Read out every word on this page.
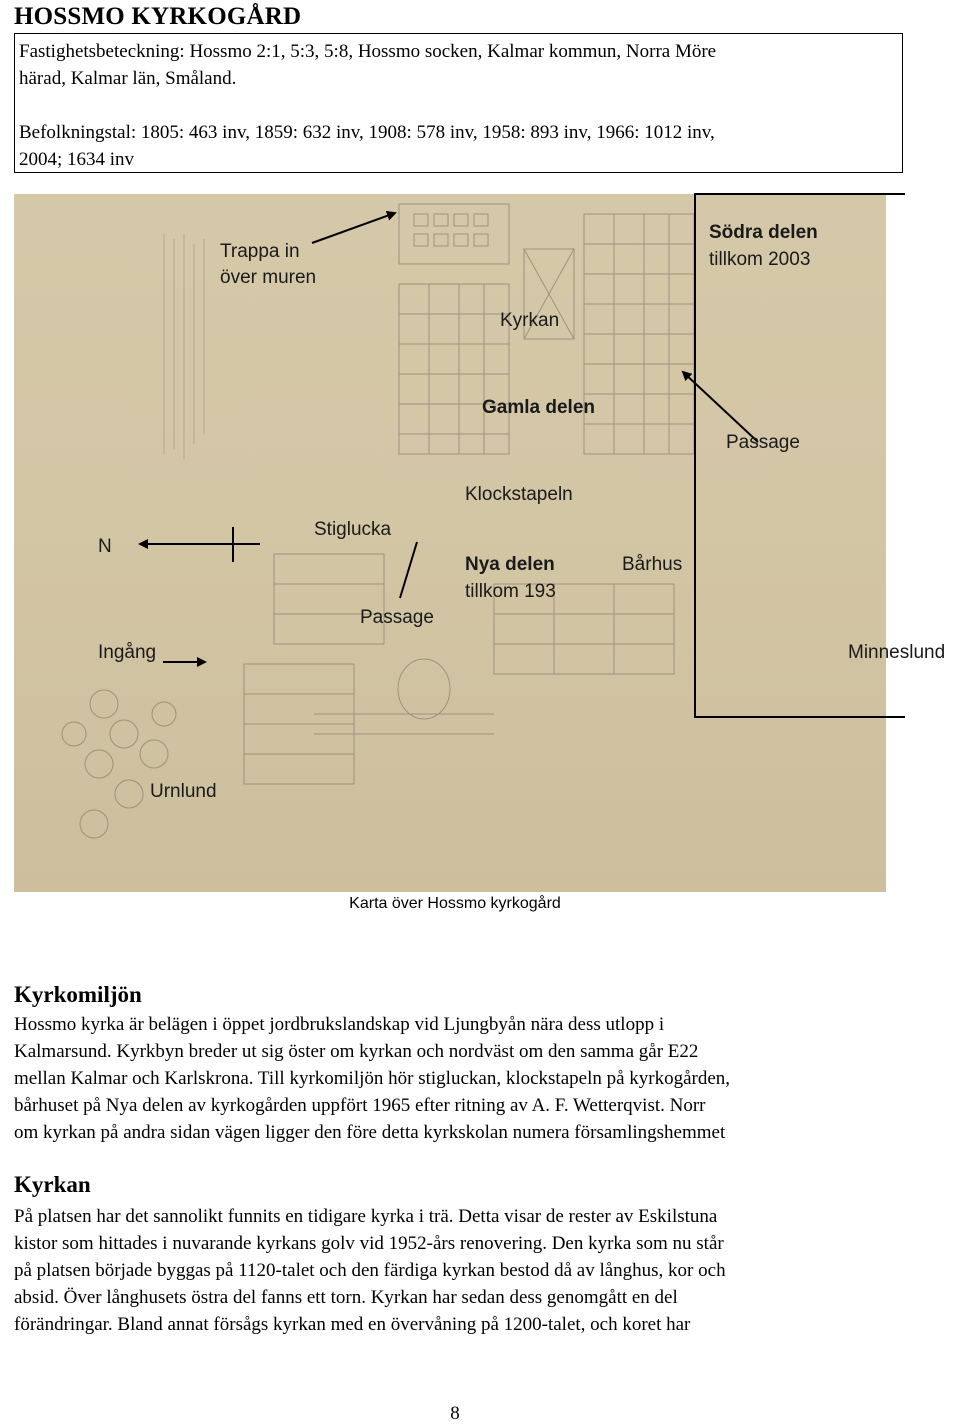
HOSSMO KYRKOGÅRD

Fastighetsbeteckning: Hossmo 2:1, 5:3, 5:8, Hossmo socken, Kalmar kommun, Norra Möre
härad, Kalmar län, Småland.

Befolkningstal: 1805: 463 inv, 1859: 632 inv, 1908: 578 inv, 1958: 893 inv, 1966: 1012 inv,
2004; 1634 inv

Trappa in
över muren
Södra delen
tillkom 2003
Kyrkan
Gamla delen
Passage
Klockstapeln
N
Stiglucka
Nya delen
tillkom 193
Bårhus
Passage
Ingång	Minneslund
Urnlund
Karta över Hossmo kyrkogård
Kyrkomiljön

Hossmo kyrka är belägen i öppet jordbrukslandskap vid Ljungbyån nära dess utlopp i
Kalmarsund. Kyrkbyn breder ut sig öster om kyrkan och nordväst om den samma går E22
mellan Kalmar och Karlskrona. Till kyrkomiljön hör stigluckan, klockstapeln på kyrkogården,
bårhuset på Nya delen av kyrkogården uppfört 1965 efter ritning av A. F. Wetterqvist. Norr
om kyrkan på andra sidan vägen ligger den före detta kyrkskolan numera församlingshemmet

Kyrkan

På platsen har det sannolikt funnits en tidigare kyrka i trä. Detta visar de rester av Eskilstuna
kistor som hittades i nuvarande kyrkans golv vid 1952-års renovering. Den kyrka som nu står
på platsen började byggas på 1120-talet och den färdiga kyrkan bestod då av långhus, kor och
absid. Över långhusets östra del fanns ett torn. Kyrkan har sedan dess genomgått en del
förändringar. Bland annat försågs kyrkan med en övervåning på 1200-talet, och koret har

8
